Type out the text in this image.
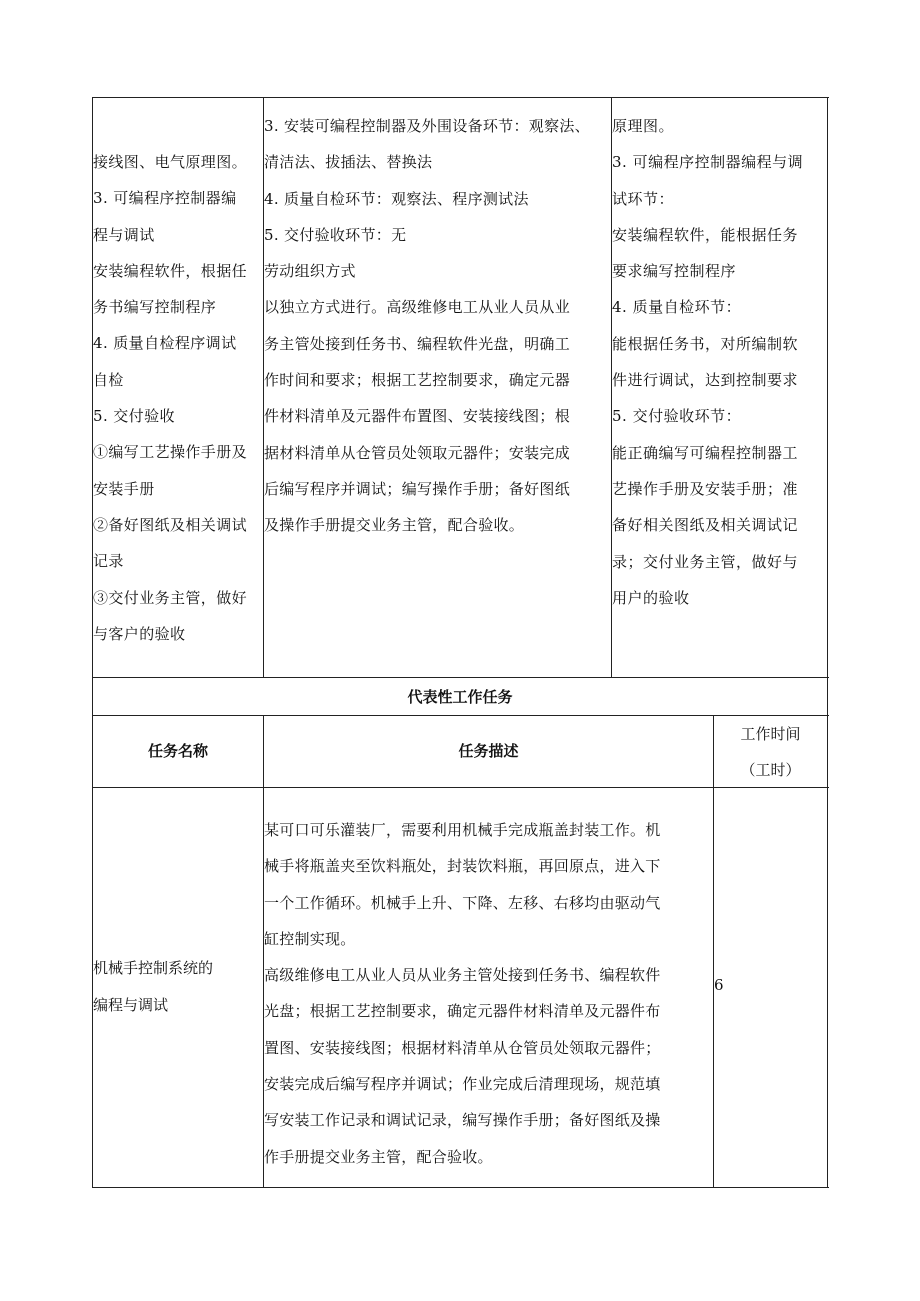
接线图、电气原理图。

3. 可编程序控制器编

程与调试

安装编程软件，根据任

务书编写控制程序

4. 质量自检程序调试

自检

5. 交付验收

①编写工艺操作手册及

安装手册

②备好图纸及相关调试

记录

③交付业务主管，做好

与客户的验收

3. 安装可编程控制器及外围设备环节：观察法、

清洁法、拔插法、替换法

4. 质量自检环节：观察法、程序测试法

5. 交付验收环节：无

劳动组织方式

以独立方式进行。高级维修电工从业人员从业

务主管处接到任务书、编程软件光盘，明确工

作时间和要求；根据工艺控制要求，确定元器

件材料清单及元器件布置图、安装接线图；根

据材料清单从仓管员处领取元器件；安装完成

后编写程序并调试；编写操作手册；备好图纸

及操作手册提交业务主管，配合验收。

原理图。

3. 可编程序控制器编程与调

试环节：

安装编程软件，能根据任务

要求编写控制程序

4. 质量自检环节：

能根据任务书，对所编制软

件进行调试，达到控制要求

5. 交付验收环节：

能正确编写可编程控制器工

艺操作手册及安装手册；准

备好相关图纸及相关调试记

录；交付业务主管，做好与

用户的验收

代表性工作任务
任务名称	任务描述
工作时间
（工时）

机械手控制系统的

编程与调试

某可口可乐灌装厂，需要利用机械手完成瓶盖封装工作。机

械手将瓶盖夹至饮料瓶处，封装饮料瓶，再回原点，进入下

一个工作循环。机械手上升、下降、左移、右移均由驱动气

缸控制实现。

高级维修电工从业人员从业务主管处接到任务书、编程软件

光盘；根据工艺控制要求，确定元器件材料清单及元器件布

置图、安装接线图；根据材料清单从仓管员处领取元器件；

安装完成后编写程序并调试；作业完成后清理现场，规范填

写安装工作记录和调试记录，编写操作手册；备好图纸及操

作手册提交业务主管，配合验收。

6
